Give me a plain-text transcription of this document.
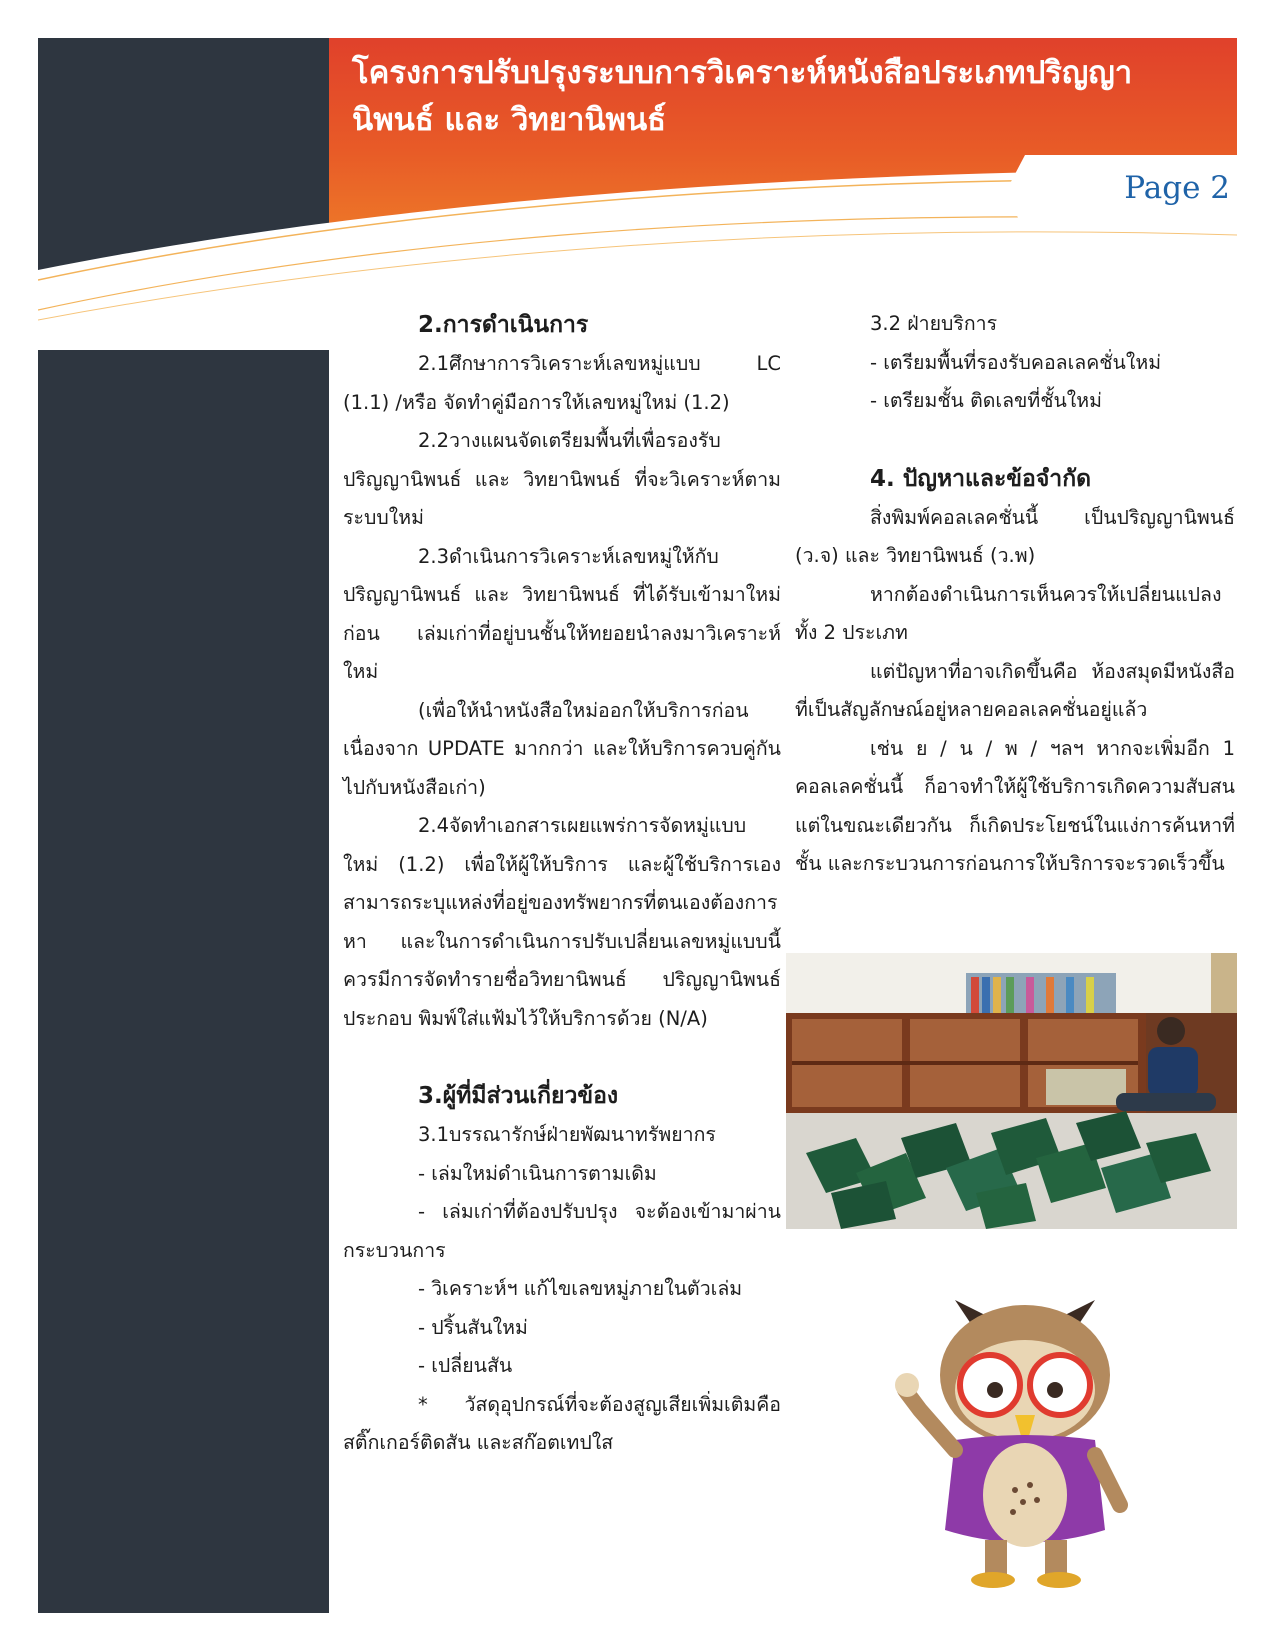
โครงการปรับปรุงระบบการวิเคราะห์หนังสือประเภทปริญญานิพนธ์ และ วิทยานิพนธ์
Page 2
2.การดำเนินการ

2.1ศึกษาการวิเคราะห์เลขหมู่แบบ LC (1.1) /หรือ จัดทำคู่มือการให้เลขหมู่ใหม่ (1.2)

2.2วางแผนจัดเตรียมพื้นที่เพื่อรองรับปริญญานิพนธ์ และ วิทยานิพนธ์ ที่จะวิเคราะห์ตามระบบใหม่

2.3ดำเนินการวิเคราะห์เลขหมู่ให้กับปริญญานิพนธ์ และ วิทยานิพนธ์ ที่ได้รับเข้ามาใหม่ก่อน เล่มเก่าที่อยู่บนชั้นให้ทยอยนำลงมาวิเคราะห์ใหม่

(เพื่อให้นำหนังสือใหม่ออกให้บริการก่อน เนื่องจาก UPDATE มากกว่า และให้บริการควบคู่กันไปกับหนังสือเก่า)

2.4จัดทำเอกสารเผยแพร่การจัดหมู่แบบใหม่ (1.2) เพื่อให้ผู้ให้บริการ และผู้ใช้บริการเองสามารถระบุแหล่งที่อยู่ของทรัพยากรที่ตนเองต้องการหา และในการดำเนินการปรับเปลี่ยนเลขหมู่แบบนี้ ควรมีการจัดทำรายชื่อวิทยานิพนธ์ ปริญญานิพนธ์ประกอบ พิมพ์ใส่แฟ้มไว้ให้บริการด้วย (N/A)

3.ผู้ที่มีส่วนเกี่ยวข้อง

3.1บรรณารักษ์ฝ่ายพัฒนาทรัพยากร

- เล่มใหม่ดำเนินการตามเดิม

- เล่มเก่าที่ต้องปรับปรุง จะต้องเข้ามาผ่านกระบวนการ

- วิเคราะห์ฯ แก้ไขเลขหมู่ภายในตัวเล่ม

- ปริ้นสันใหม่

- เปลี่ยนสัน

* วัสดุอุปกรณ์ที่จะต้องสูญเสียเพิ่มเติมคือ สติ๊กเกอร์ติดสัน และสก๊อตเทปใส

3.2 ฝ่ายบริการ

- เตรียมพื้นที่รองรับคอลเลคชั่นใหม่

- เตรียมชั้น ติดเลขที่ชั้นใหม่

4. ปัญหาและข้อจำกัด

สิ่งพิมพ์คอลเลคชั่นนี้ เป็นปริญญานิพนธ์ (ว.จ) และ วิทยานิพนธ์ (ว.พ)

หากต้องดำเนินการเห็นควรให้เปลี่ยนแปลงทั้ง 2 ประเภท

แต่ปัญหาที่อาจเกิดขึ้นคือ ห้องสมุดมีหนังสือที่เป็นสัญลักษณ์อยู่หลายคอลเลคชั่นอยู่แล้ว

เช่น ย / น / พ / ฯลฯ หากจะเพิ่มอีก 1 คอลเลคชั่นนี้ ก็อาจทำให้ผู้ใช้บริการเกิดความสับสน แต่ในขณะเดียวกัน ก็เกิดประโยชน์ในแง่การค้นหาที่ชั้น และกระบวนการก่อนการให้บริการจะรวดเร็วขึ้น
